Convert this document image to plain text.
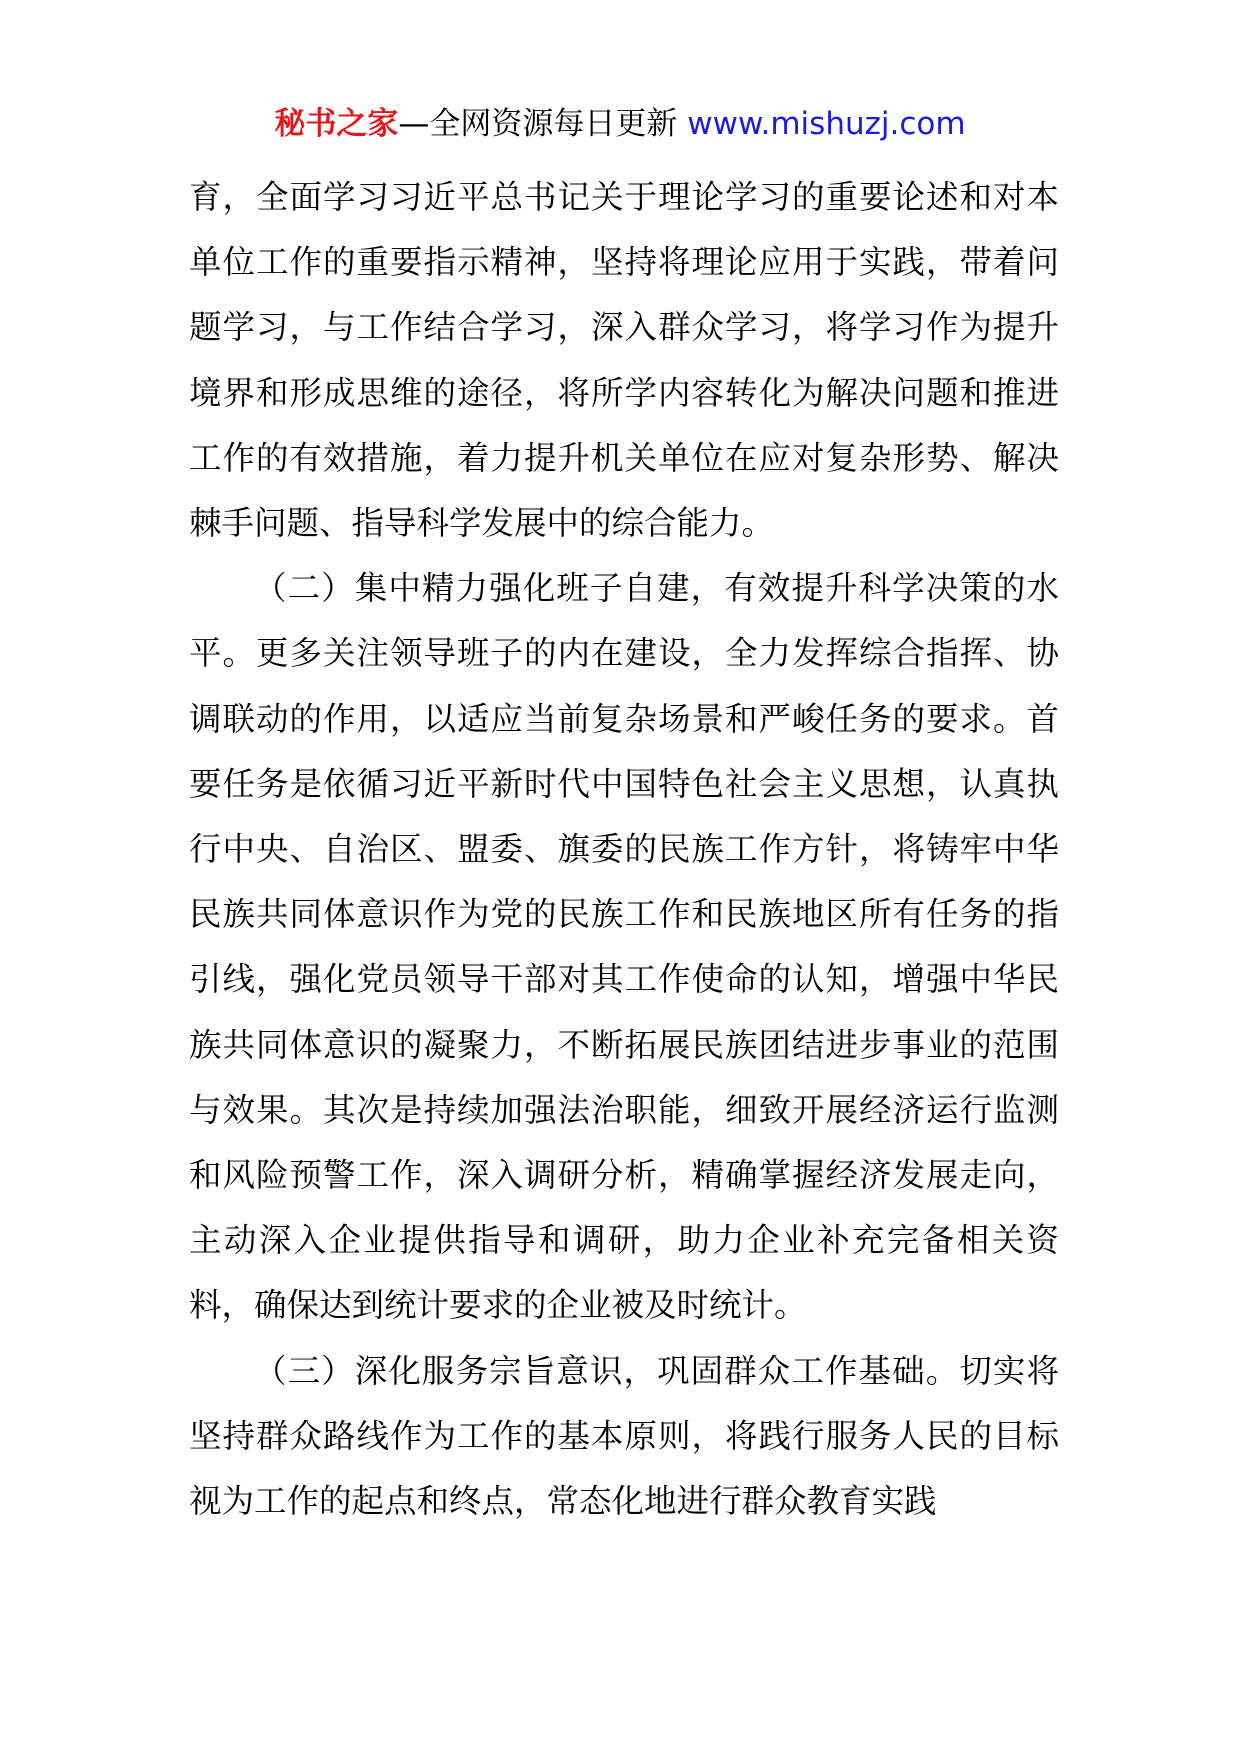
秘书之家—全网资源每日更新 www.mishuzj.com

育，全面学习习近平总书记关于理论学习的重要论述和对本单位工作的重要指示精神，坚持将理论应用于实践，带着问题学习，与工作结合学习，深入群众学习，将学习作为提升境界和形成思维的途径，将所学内容转化为解决问题和推进工作的有效措施，着力提升机关单位在应对复杂形势、解决棘手问题、指导科学发展中的综合能力。

（二）集中精力强化班子自建，有效提升科学决策的水平。更多关注领导班子的内在建设，全力发挥综合指挥、协调联动的作用，以适应当前复杂场景和严峻任务的要求。首要任务是依循习近平新时代中国特色社会主义思想，认真执行中央、自治区、盟委、旗委的民族工作方针，将铸牢中华民族共同体意识作为党的民族工作和民族地区所有任务的指引线，强化党员领导干部对其工作使命的认知，增强中华民族共同体意识的凝聚力，不断拓展民族团结进步事业的范围与效果。其次是持续加强法治职能，细致开展经济运行监测和风险预警工作，深入调研分析，精确掌握经济发展走向，主动深入企业提供指导和调研，助力企业补充完备相关资料，确保达到统计要求的企业被及时统计。

（三）深化服务宗旨意识，巩固群众工作基础。切实将坚持群众路线作为工作的基本原则，将践行服务人民的目标视为工作的起点和终点，常态化地进行群众教育实践
